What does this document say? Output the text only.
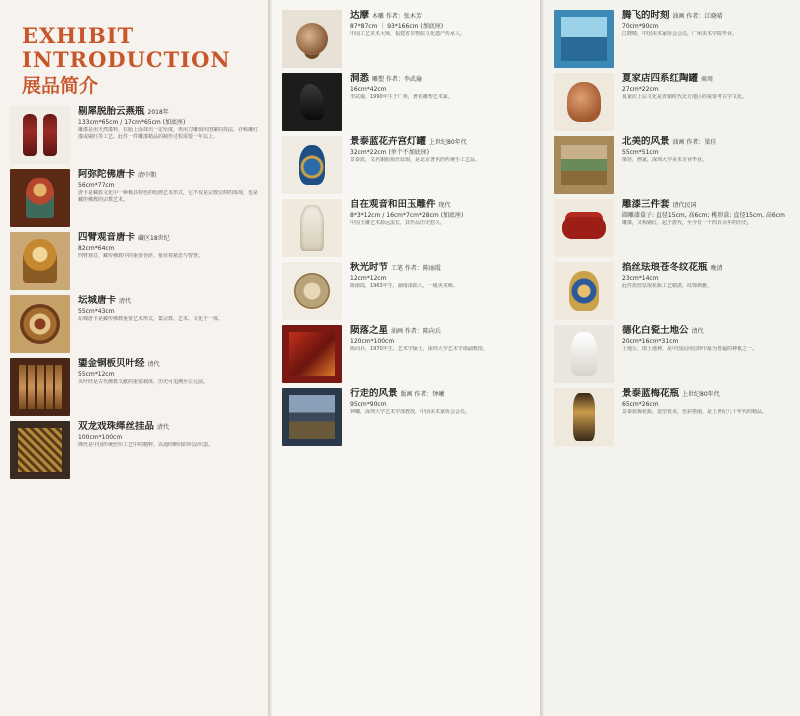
EXHIBIT
INTRODUCTION
展品简介
剔犀脱胎云燕瓶 2018年
133cm*65cm / 17cm*65cm (加底座)
雕漆是用天然漆料，在胎上涂抹出一定厚度，再用刀雕刻出图案的技法，亦称雕红漆或剔红等工艺。此件一件雕漆精品的制作过程需要一年以上。
阿弥陀佛唐卡 清中期
56cm*77cm
唐卡是藏族文化中一种极具特色的绘画艺术形式，它不仅是宗教信仰的体现，也是藏传佛教的宗教艺术。
四臂观音唐卡 藏区18世纪
82cm*64cm
四臂观音，藏传佛教中的重要菩萨，象征着慈悲与智慧。
坛城唐卡 清代
55cm*43cm
坛城唐卡是藏传佛教重要艺术形式，集宗教、艺术、文化于一体。
鎏金铜板贝叶经 清代
55cm*12cm
贝叶经是古代佛教文献的重要载体，历史可追溯至公元前。
双龙戏珠缂丝挂品 清代
100cm*100cm
缂丝是中国传统丝织工艺中的精粹，以通经断纬的织法织造。
达摩 木雕 作者：张木芳
87*87cm ｜ 93*166cm (加底座)
中国工艺美术大师，福建省非物质文化遗产传承人。
洞悉 雕塑 作者：李武瑜
16cm*42cm
李武瑜，1990年生于广州，著名雕塑艺术家。
景泰蓝花卉宫灯罐 上世纪80年代
32cm*22cm (单个不加底座)
景泰蓝，又名铜胎掐丝珐琅，是北京著名的传统手工艺品。
自在观音和田玉雕件 现代
8*3*12cm / 16cm*7cm*28cm (加底座)
中国玉雕艺术源远流长，其作品历史悠久。
秋光时节 工笔 作者：陈丽霞
12cm*12cm
陈丽霞，1963年生，湖南邵阳人，一级美术师。
陨落之星 油画 作者：陈向兵
120cm*100cm
陈向兵，1970年生，艺术学硕士，深圳大学艺术学部副教授。
行走的风景 版画 作者：钟曦
95cm*90cm
钟曦，深圳大学艺术学部教授，中国美术家协会会员。
腾飞的时刻 油画 作者：江晓晴
70cm*90cm
江晓晴，中国美术家协会会员，广州美术学院毕业。
夏家店四系红陶罐 商周
27cm*22cm
夏家店上层文化是青铜时代北方地区的重要考古学文化。
北美的风景 油画 作者：梁佳
55cm*51cm
梁佳，画家，深圳大学美术专业毕业。
雕漆三件套 清代民国
圆雕漆盒子: 直径15cm, 高6cm; 桃形盒: 直径15cm, 高6cm
雕漆，又称剔红，起于唐代，至今有一千四百余年的历史。
掐丝珐琅苍冬纹花瓶 晚清
23cm*14cm
此件掐丝珐琅花瓶工艺精湛，纹饰典雅。
德化白瓷土地公 清代
20cm*16cm*31cm
土地公，即土地神，是中国民间信仰中最为普遍的神祇之一。
景泰蓝梅花瓶 上世纪80年代
65cm*26cm
景泰蓝梅花瓶，造型优美，色彩艳丽，是上世纪八十年代的精品。
